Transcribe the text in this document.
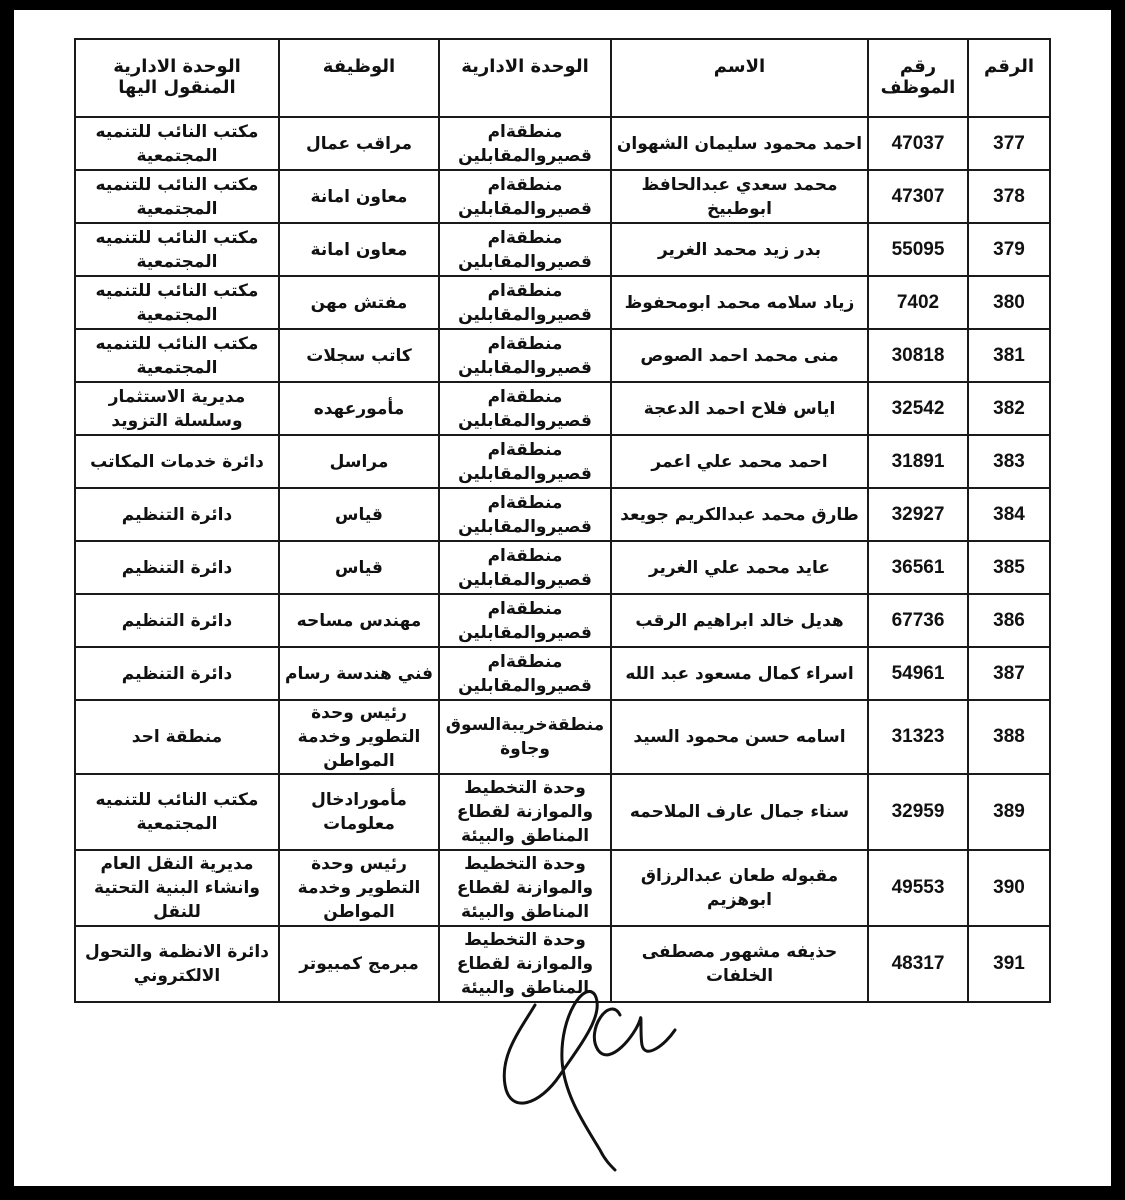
الرقم	رقم الموظف	الاسم	الوحدة الادارية	الوظيفة	الوحدة الادارية المنقول اليها
377	47037	احمد محمود سليمان الشهوان	منطقةام قصيروالمقابلين	مراقب عمال	مكتب النائب للتنميه المجتمعية
378	47307	محمد سعدي عبدالحافظ ابوطبيخ	منطقةام قصيروالمقابلين	معاون امانة	مكتب النائب للتنميه المجتمعية
379	55095	بدر زيد محمد الغرير	منطقةام قصيروالمقابلين	معاون امانة	مكتب النائب للتنميه المجتمعية
380	7402	زياد سلامه محمد ابومحفوظ	منطقةام قصيروالمقابلين	مفتش مهن	مكتب النائب للتنميه المجتمعية
381	30818	منى محمد احمد الصوص	منطقةام قصيروالمقابلين	كاتب سجلات	مكتب النائب للتنميه المجتمعية
382	32542	اياس فلاح احمد الدعجة	منطقةام قصيروالمقابلين	مأمورعهده	مديرية الاستثمار وسلسلة التزويد
383	31891	احمد محمد علي اعمر	منطقةام قصيروالمقابلين	مراسل	دائرة خدمات المكاتب
384	32927	طارق محمد عبدالكريم جويعد	منطقةام قصيروالمقابلين	قياس	دائرة التنظيم
385	36561	عايد محمد علي الغرير	منطقةام قصيروالمقابلين	قياس	دائرة التنظيم
386	67736	هديل خالد ابراهيم الرقب	منطقةام قصيروالمقابلين	مهندس مساحه	دائرة التنظيم
387	54961	اسراء كمال مسعود عبد الله	منطقةام قصيروالمقابلين	فني هندسة رسام	دائرة التنظيم
388	31323	اسامه حسن محمود السيد	منطقةخريبةالسوق وجاوة	رئيس وحدة التطوير وخدمة المواطن	منطقة احد
389	32959	سناء جمال عارف الملاحمه	وحدة التخطيط والموازنة لقطاع المناطق والبيئة	مأمورادخال معلومات	مكتب النائب للتنميه المجتمعية
390	49553	مقبوله طعان عبدالرزاق ابوهزيم	وحدة التخطيط والموازنة لقطاع المناطق والبيئة	رئيس وحدة التطوير وخدمة المواطن	مديرية النقل العام وانشاء البنية التحتية للنقل
391	48317	حذيفه مشهور مصطفى الخلفات	وحدة التخطيط والموازنة لقطاع المناطق والبيئة	مبرمج كمبيوتر	دائرة الانظمة والتحول الالكتروني
